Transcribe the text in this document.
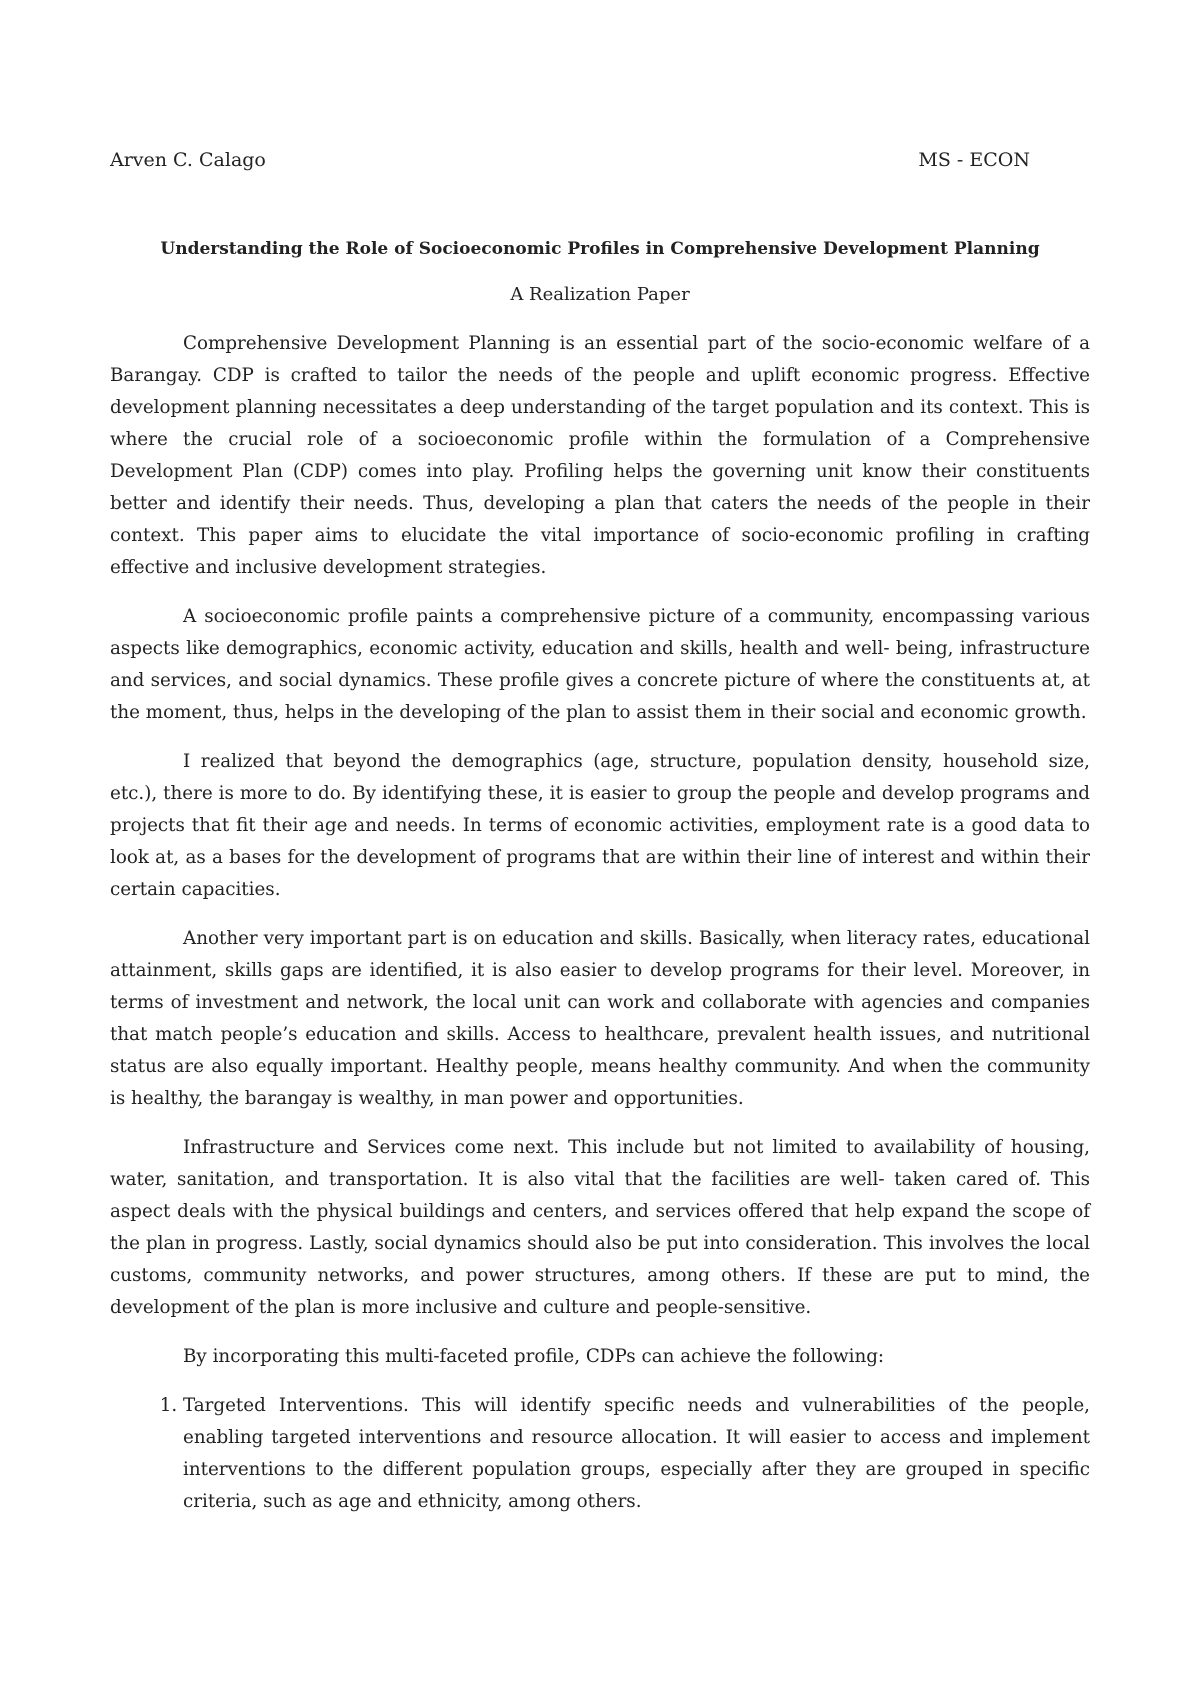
Arven C. Calago	MS - ECON
Understanding the Role of Socioeconomic Profiles in Comprehensive Development Planning
A Realization Paper

Comprehensive Development Planning is an essential part of the socio-economic welfare of a Barangay. CDP is crafted to tailor the needs of the people and uplift economic progress. Effective development planning necessitates a deep understanding of the target population and its context. This is where the crucial role of a socioeconomic profile within the formulation of a Comprehensive Development Plan (CDP) comes into play. Profiling helps the governing unit know their constituents better and identify their needs. Thus, developing a plan that caters the needs of the people in their context. This paper aims to elucidate the vital importance of socio-economic profiling in crafting effective and inclusive development strategies.

A socioeconomic profile paints a comprehensive picture of a community, encompassing various aspects like demographics, economic activity, education and skills, health and well- being, infrastructure and services, and social dynamics. These profile gives a concrete picture of where the constituents at, at the moment, thus, helps in the developing of the plan to assist them in their social and economic growth.

I realized that beyond the demographics (age, structure, population density, household size, etc.), there is more to do. By identifying these, it is easier to group the people and develop programs and projects that fit their age and needs. In terms of economic activities, employment rate is a good data to look at, as a bases for the development of programs that are within their line of interest and within their certain capacities.

Another very important part is on education and skills. Basically, when literacy rates, educational attainment, skills gaps are identified, it is also easier to develop programs for their level. Moreover, in terms of investment and network, the local unit can work and collaborate with agencies and companies that match people’s education and skills. Access to healthcare, prevalent health issues, and nutritional status are also equally important. Healthy people, means healthy community. And when the community is healthy, the barangay is wealthy, in man power and opportunities.

Infrastructure and Services come next. This include but not limited to availability of housing, water, sanitation, and transportation. It is also vital that the facilities are well- taken cared of. This aspect deals with the physical buildings and centers, and services offered that help expand the scope of the plan in progress. Lastly, social dynamics should also be put into consideration. This involves the local customs, community networks, and power structures, among others. If these are put to mind, the development of the plan is more inclusive and culture and people-sensitive.

By incorporating this multi-faceted profile, CDPs can achieve the following:

1. Targeted Interventions. This will identify specific needs and vulnerabilities of the people, enabling targeted interventions and resource allocation. It will easier to access and implement interventions to the different population groups, especially after they are grouped in specific criteria, such as age and ethnicity, among others.
